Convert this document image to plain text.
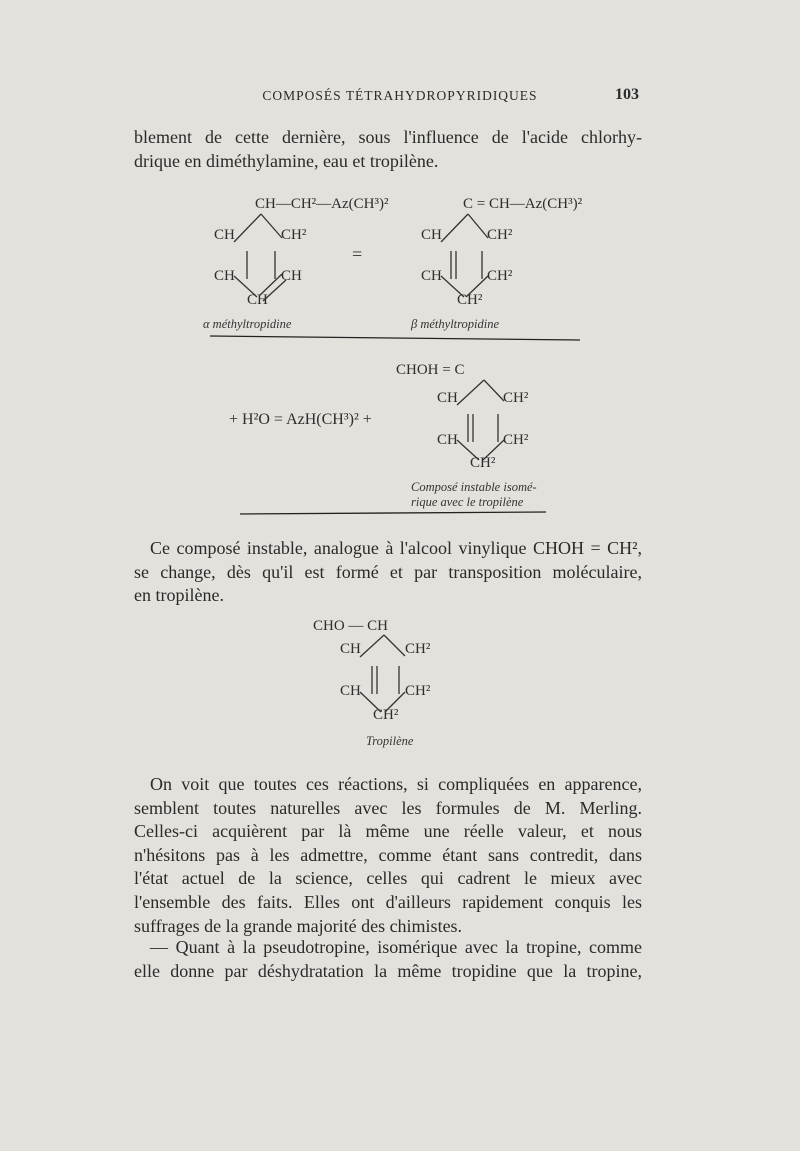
COMPOSÉS TÉTRAHYDROPYRIDIQUES	103
blement de cette dernière, sous l'influence de l'acide chlorhy-
drique en diméthylamine, eau et tropilène.
CH—CH²—Az(CH³)²
CH	CH²
CH	CH
CH
α méthyltropidine
=
C = CH—Az(CH³)²
CH	CH²
CH	CH²
CH²
β méthyltropidine
CHOH = C
CH	CH²
+ H²O = AzH(CH³)² +
CH	CH²
CH²
Composé instable isomé-
rique avec le tropilène
Ce composé instable, analogue à l'alcool vinylique CHOH = CH²,
se change, dès qu'il est formé et par transposition moléculaire,
en tropilène.
CHO — CH
CH	CH²
CH	CH²
CH²
Tropilène
On voit que toutes ces réactions, si compliquées en apparence,
semblent toutes naturelles avec les formules de M. Merling.
Celles-ci acquièrent par là même une réelle valeur, et nous
n'hésitons pas à les admettre, comme étant sans contredit, dans
l'état actuel de la science, celles qui cadrent le mieux avec
l'ensemble des faits. Elles ont d'ailleurs rapidement conquis les
suffrages de la grande majorité des chimistes.
— Quant à la pseudotropine, isomérique avec la tropine, comme
elle donne par déshydratation la même tropidine que la tropine,
